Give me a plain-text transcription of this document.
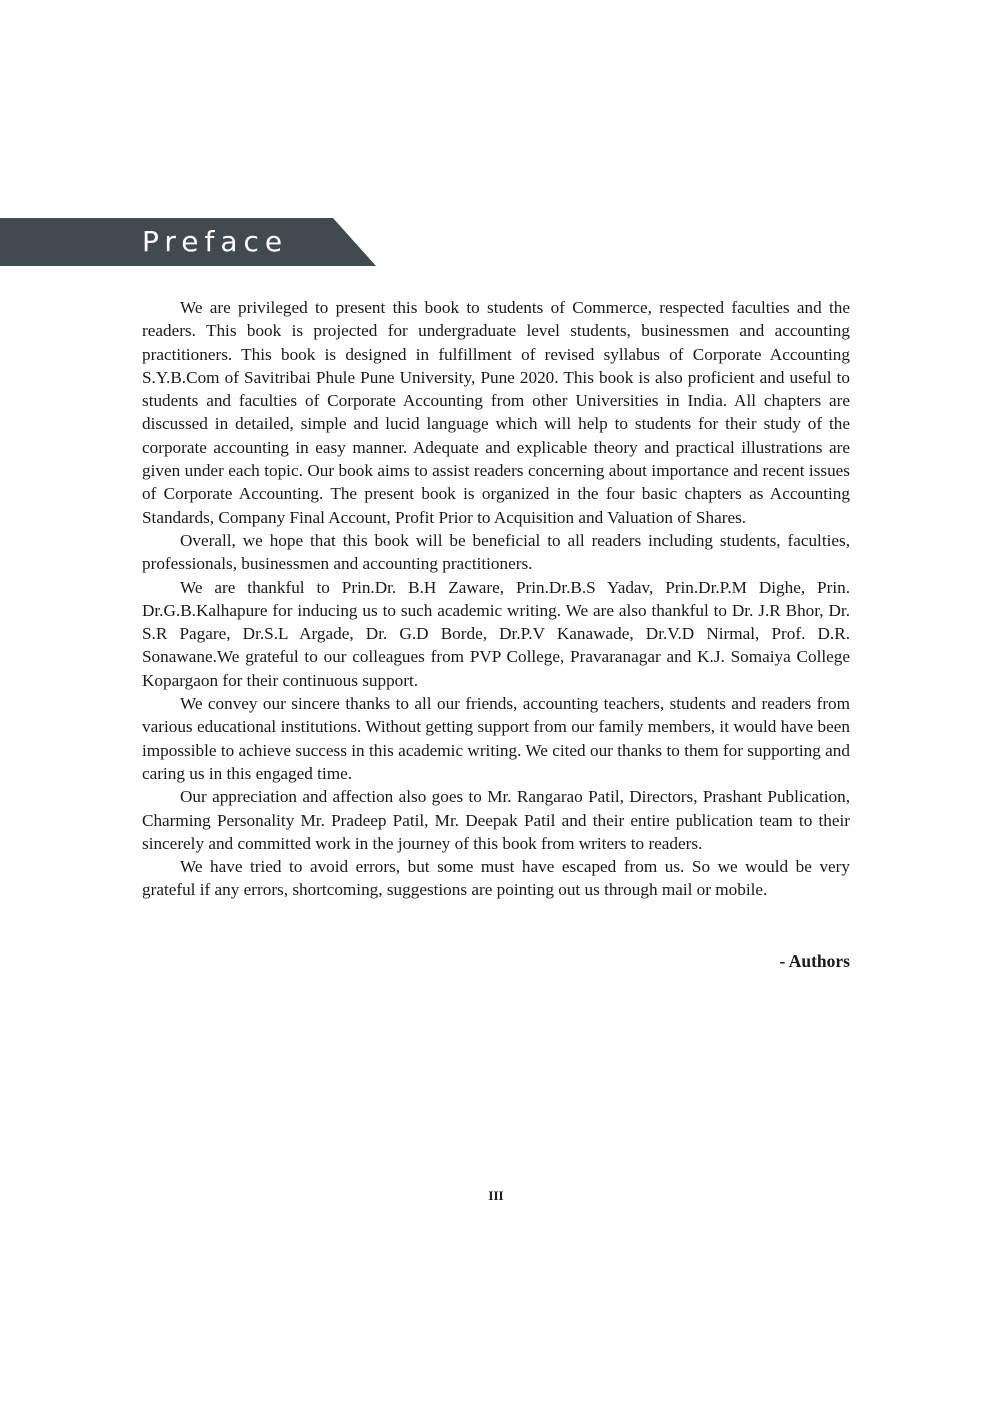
Preface

We are privileged to present this book to students of Commerce, respected faculties and the readers. This book is projected for undergraduate level students, businessmen and accounting practitioners. This book is designed in fulfillment of revised syllabus of Corporate Accounting S.Y.B.Com of Savitribai Phule Pune University, Pune 2020. This book is also proficient and useful to students and faculties of Corporate Accounting from other Universities in India. All chapters are discussed in detailed, simple and lucid language which will help to students for their study of the corporate accounting in easy manner. Adequate and explicable theory and practical illustrations are given under each topic. Our book aims to assist readers concerning about importance and recent issues of Corporate Accounting. The present book is organized in the four basic chapters as Accounting Standards, Company Final Account, Profit Prior to Acquisition and Valuation of Shares.

Overall, we hope that this book will be beneficial to all readers including students, faculties, professionals, businessmen and accounting practitioners.

We are thankful to Prin.Dr. B.H Zaware, Prin.Dr.B.S Yadav, Prin.Dr.P.M Dighe, Prin. Dr.G.B.Kalhapure for inducing us to such academic writing. We are also thankful to Dr. J.R Bhor, Dr. S.R Pagare, Dr.S.L Argade, Dr. G.D Borde, Dr.P.V Kanawade, Dr.V.D Nirmal, Prof. D.R. Sonawane.We grateful to our colleagues from PVP College, Pravaranagar and K.J. Somaiya College Kopargaon for their continuous support.

We convey our sincere thanks to all our friends, accounting teachers, students and readers from various educational institutions. Without getting support from our family members, it would have been impossible to achieve success in this academic writing. We cited our thanks to them for supporting and caring us in this engaged time.

Our appreciation and affection also goes to Mr. Rangarao Patil, Directors, Prashant Publication, Charming Personality Mr. Pradeep Patil, Mr. Deepak Patil and their entire publication team to their sincerely and committed work in the journey of this book from writers to readers.

We have tried to avoid errors, but some must have escaped from us. So we would be very grateful if any errors, shortcoming, suggestions are pointing out us through mail or mobile.

- Authors
III
